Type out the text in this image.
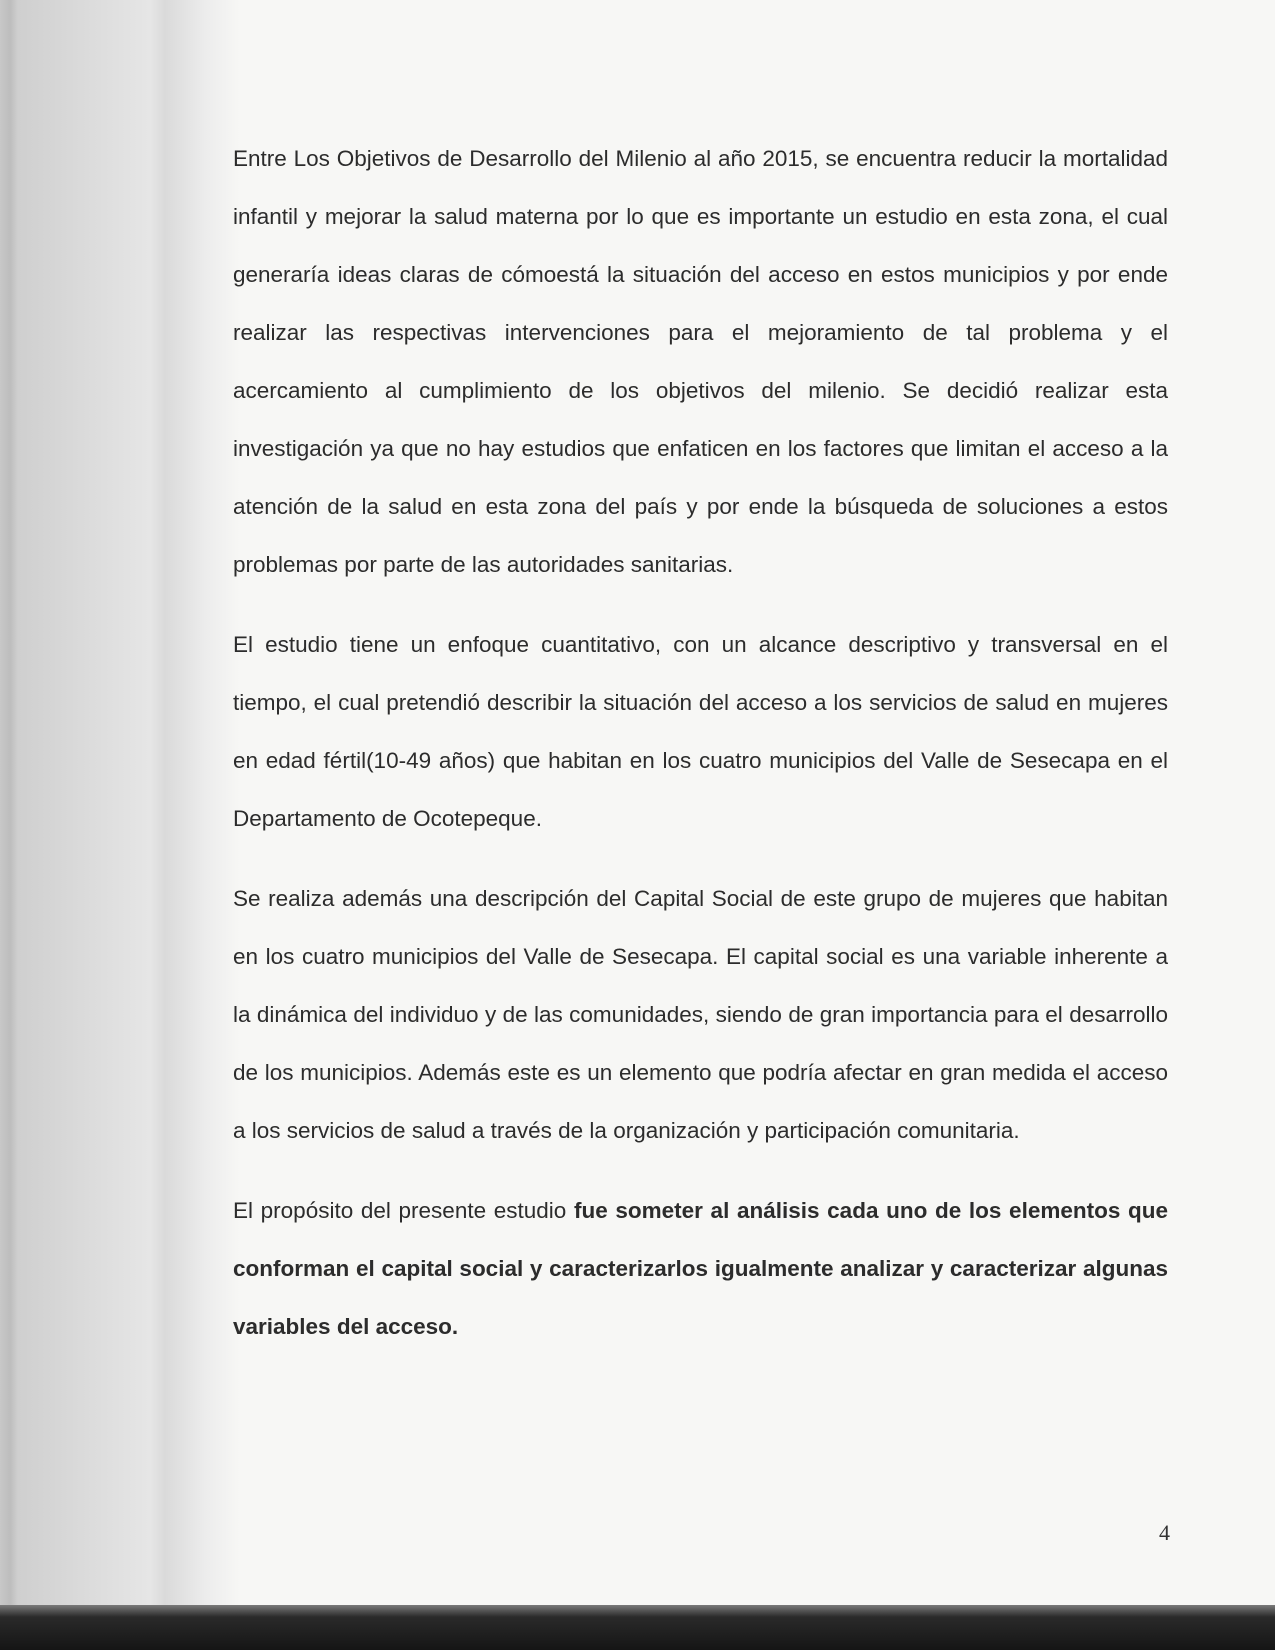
Entre Los Objetivos de Desarrollo del Milenio al año 2015, se encuentra reducir la mortalidad infantil y mejorar la salud materna por lo que es importante un estudio en esta zona, el cual generaría ideas claras de cómoestá la situación del acceso en estos municipios y por ende realizar las respectivas intervenciones para el mejoramiento de tal problema y el acercamiento al cumplimiento de los objetivos del milenio. Se decidió realizar esta investigación ya que no hay estudios que enfaticen en los factores que limitan el acceso a la atención de la salud en esta zona del país y por ende la búsqueda de soluciones a estos problemas por parte de las autoridades sanitarias.

El estudio tiene un enfoque cuantitativo, con un alcance descriptivo y transversal en el tiempo, el cual pretendió describir la situación del acceso a los servicios de salud en mujeres en edad fértil(10-49 años) que habitan en los cuatro municipios del Valle de Sesecapa en el Departamento de Ocotepeque.

Se realiza además una descripción del Capital Social de este grupo de mujeres que habitan en los cuatro municipios del Valle de Sesecapa. El capital social es una variable inherente a la dinámica del individuo y de las comunidades, siendo de gran importancia para el desarrollo de los municipios. Además este es un elemento que podría afectar en gran medida el acceso a los servicios de salud a través de la organización y participación comunitaria.

El propósito del presente estudio fue someter al análisis cada uno de los elementos que conforman el capital social y caracterizarlos igualmente analizar y caracterizar algunas variables del acceso.

4
